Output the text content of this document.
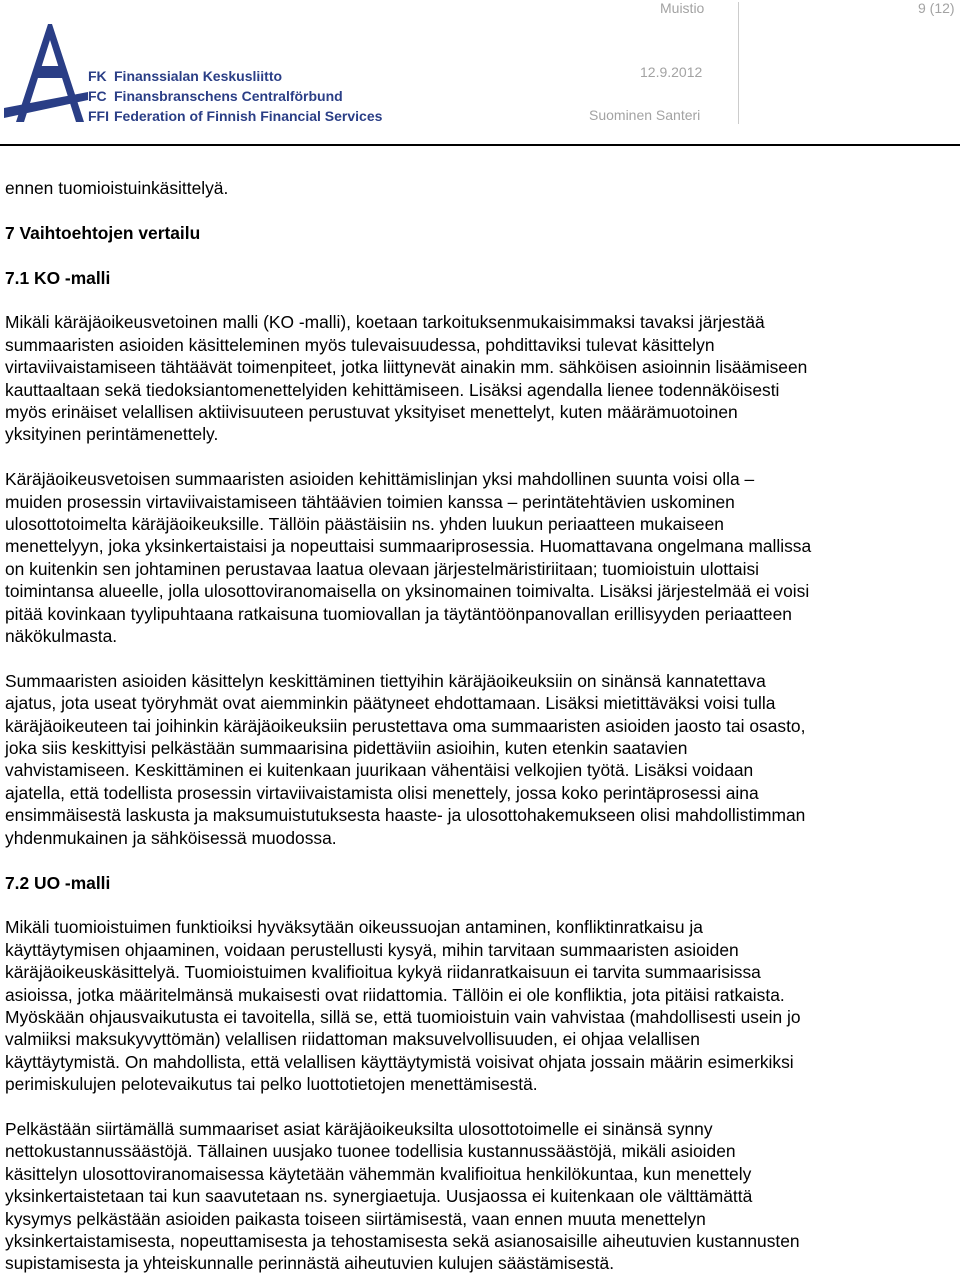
FK Finanssialan Keskusliitto
FC Finansbranschens Centralförbund
FFI Federation of Finnish Financial Services
Muistio	9 (12)
12.9.2012
Suominen Santeri

ennen tuomioistuinkäsittelyä.

7 Vaihtoehtojen vertailu
7.1 KO -malli

Mikäli käräjäoikeusvetoinen malli (KO -malli), koetaan tarkoituksenmukaisimmaksi tavaksi järjestää
summaaristen asioiden käsitteleminen myös tulevaisuudessa, pohdittaviksi tulevat käsittelyn
virtaviivaistamiseen tähtäävät toimenpiteet, jotka liittynevät ainakin mm. sähköisen asioinnin lisäämiseen
kauttaaltaan sekä tiedoksiantomenettelyiden kehittämiseen. Lisäksi agendalla lienee todennäköisesti
myös erinäiset velallisen aktiivisuuteen perustuvat yksityiset menettelyt, kuten määrämuotoinen
yksityinen perintämenettely.

Käräjäoikeusvetoisen summaaristen asioiden kehittämislinjan yksi mahdollinen suunta voisi olla –
muiden prosessin virtaviivaistamiseen tähtäävien toimien kanssa – perintätehtävien uskominen
ulosottotoimelta käräjäoikeuksille. Tällöin päästäisiin ns. yhden luukun periaatteen mukaiseen
menettelyyn, joka yksinkertaistaisi ja nopeuttaisi summaariprosessia. Huomattavana ongelmana mallissa
on kuitenkin sen johtaminen perustavaa laatua olevaan järjestelmäristiriitaan; tuomioistuin ulottaisi
toimintansa alueelle, jolla ulosottoviranomaisella on yksinomainen toimivalta. Lisäksi järjestelmää ei voisi
pitää kovinkaan tyylipuhtaana ratkaisuna tuomiovallan ja täytäntöönpanovallan erillisyyden periaatteen
näkökulmasta.

Summaaristen asioiden käsittelyn keskittäminen tiettyihin käräjäoikeuksiin on sinänsä kannatettava
ajatus, jota useat työryhmät ovat aiemminkin päätyneet ehdottamaan. Lisäksi mietittäväksi voisi tulla
käräjäoikeuteen tai joihinkin käräjäoikeuksiin perustettava oma summaaristen asioiden jaosto tai osasto,
joka siis keskittyisi pelkästään summaarisina pidettäviin asioihin, kuten etenkin saatavien
vahvistamiseen. Keskittäminen ei kuitenkaan juurikaan vähentäisi velkojien työtä. Lisäksi voidaan
ajatella, että todellista prosessin virtaviivaistamista olisi menettely, jossa koko perintäprosessi aina
ensimmäisestä laskusta ja maksumuistutuksesta haaste- ja ulosottohakemukseen olisi mahdollistimman
yhdenmukainen ja sähköisessä muodossa.

7.2 UO -malli

Mikäli tuomioistuimen funktioiksi hyväksytään oikeussuojan antaminen, konfliktinratkaisu ja
käyttäytymisen ohjaaminen, voidaan perustellusti kysyä, mihin tarvitaan summaaristen asioiden
käräjäoikeuskäsittelyä. Tuomioistuimen kvalifioitua kykyä riidanratkaisuun ei tarvita summaarisissa
asioissa, jotka määritelmänsä mukaisesti ovat riidattomia. Tällöin ei ole konfliktia, jota pitäisi ratkaista.
Myöskään ohjausvaikutusta ei tavoitella, sillä se, että tuomioistuin vain vahvistaa (mahdollisesti usein jo
valmiiksi maksukyvyttömän) velallisen riidattoman maksuvelvollisuuden, ei ohjaa velallisen
käyttäytymistä. On mahdollista, että velallisen käyttäytymistä voisivat ohjata jossain määrin esimerkiksi
perimiskulujen pelotevaikutus tai pelko luottotietojen menettämisestä.

Pelkästään siirtämällä summaariset asiat käräjäoikeuksilta ulosottotoimelle ei sinänsä synny
nettokustannussäästöjä. Tällainen uusjako tuonee todellisia kustannussäästöjä, mikäli asioiden
käsittelyn ulosottoviranomaisessa käytetään vähemmän kvalifioitua henkilökuntaa, kun menettely
yksinkertaistetaan tai kun saavutetaan ns. synergiaetuja. Uusjaossa ei kuitenkaan ole välttämättä
kysymys pelkästään asioiden paikasta toiseen siirtämisestä, vaan ennen muuta menettelyn
yksinkertaistamisesta, nopeuttamisesta ja tehostamisesta sekä asianosaisille aiheutuvien kustannusten
supistamisesta ja yhteiskunnalle perinnästä aiheutuvien kulujen säästämisestä.
